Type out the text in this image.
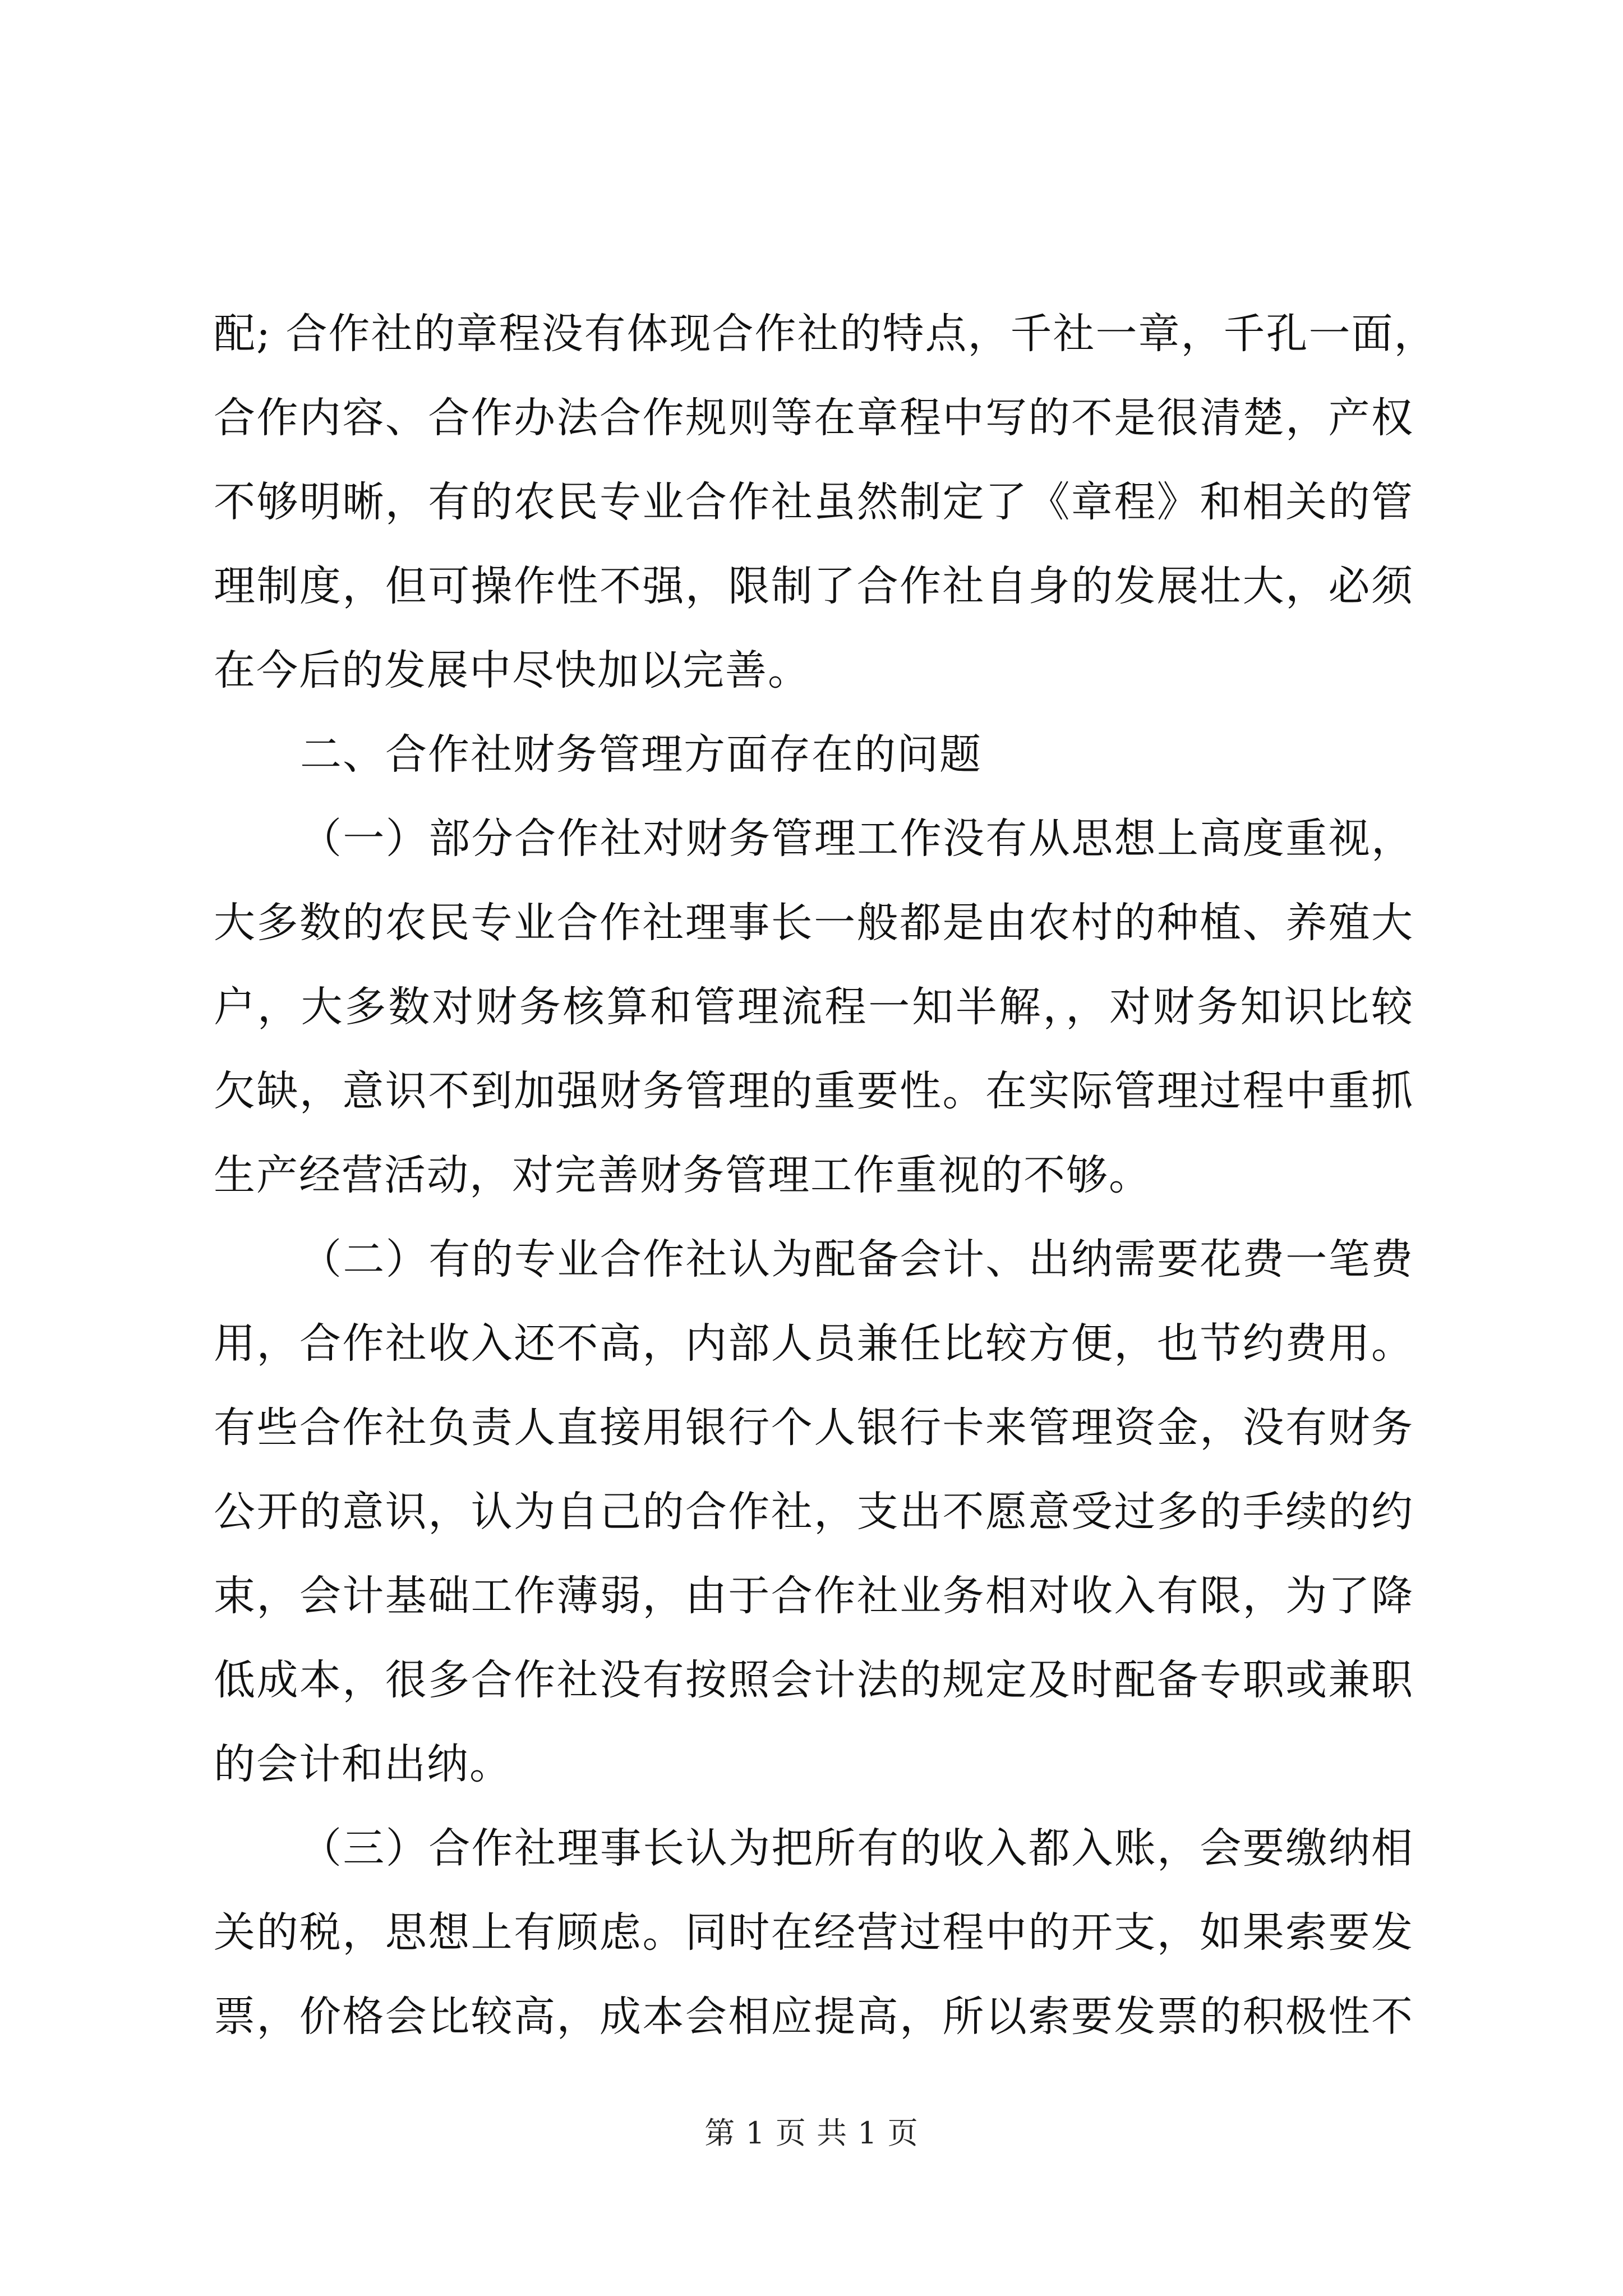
配; 合作社的章程没有体现合作社的特点，千社一章，千孔一面，
合作内容、合作办法合作规则等在章程中写的不是很清楚，产权
不够明晰，有的农民专业合作社虽然制定了《章程》和相关的管
理制度，但可操作性不强，限制了合作社自身的发展壮大，必须
在今后的发展中尽快加以完善。
二、合作社财务管理方面存在的问题
（一）部分合作社对财务管理工作没有从思想上高度重视，
大多数的农民专业合作社理事长一般都是由农村的种植、养殖大
户，大多数对财务核算和管理流程一知半解，，对财务知识比较
欠缺，意识不到加强财务管理的重要性。在实际管理过程中重抓
生产经营活动，对完善财务管理工作重视的不够。
（二）有的专业合作社认为配备会计、出纳需要花费一笔费
用，合作社收入还不高，内部人员兼任比较方便，也节约费用。
有些合作社负责人直接用银行个人银行卡来管理资金，没有财务
公开的意识，认为自己的合作社，支出不愿意受过多的手续的约
束，会计基础工作薄弱，由于合作社业务相对收入有限，为了降
低成本，很多合作社没有按照会计法的规定及时配备专职或兼职
的会计和出纳。
（三）合作社理事长认为把所有的收入都入账，会要缴纳相
关的税，思想上有顾虑。同时在经营过程中的开支，如果索要发
票，价格会比较高，成本会相应提高，所以索要发票的积极性不
第 1 页 共 1 页
